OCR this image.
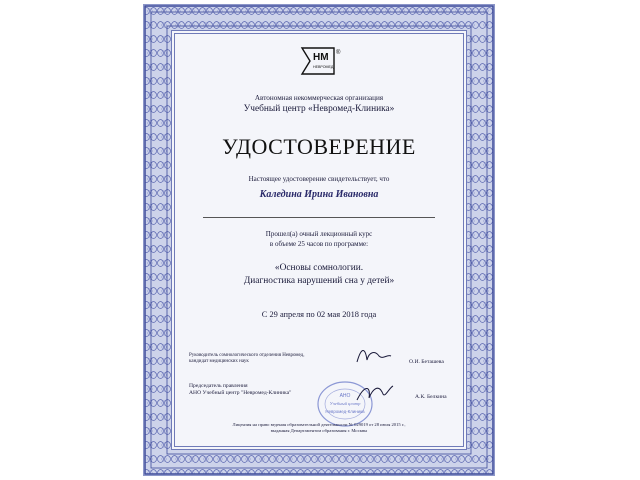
НМ
НЕВРОМЕД
®
Автономная некоммерческая организация
Учебный центр «Невромед-Клиника»
УДОСТОВЕРЕНИЕ
Настоящее удостоверение свидетельствует, что
Каледина Ирина Ивановна
Прошел(а) очный лекционный курс
в объеме 25 часов по программе:
«Основы сомнологии.
Диагностика нарушений сна у детей»
С 29 апреля по 02 мая 2018 года
Руководитель сомнологического отделения Невромед,
кандидат медицинских наук	О.И. Беташева
Председатель правления
АНО Учебный центр "Невромед-Клиника"	АНО
Учебный центр
Невромед-Клиника
А.К. Белкина
Лицензия на право ведения образовательной деятельности № 029019 от 28 июля 2015 г.,
выданная Департаментом образования г. Москвы
